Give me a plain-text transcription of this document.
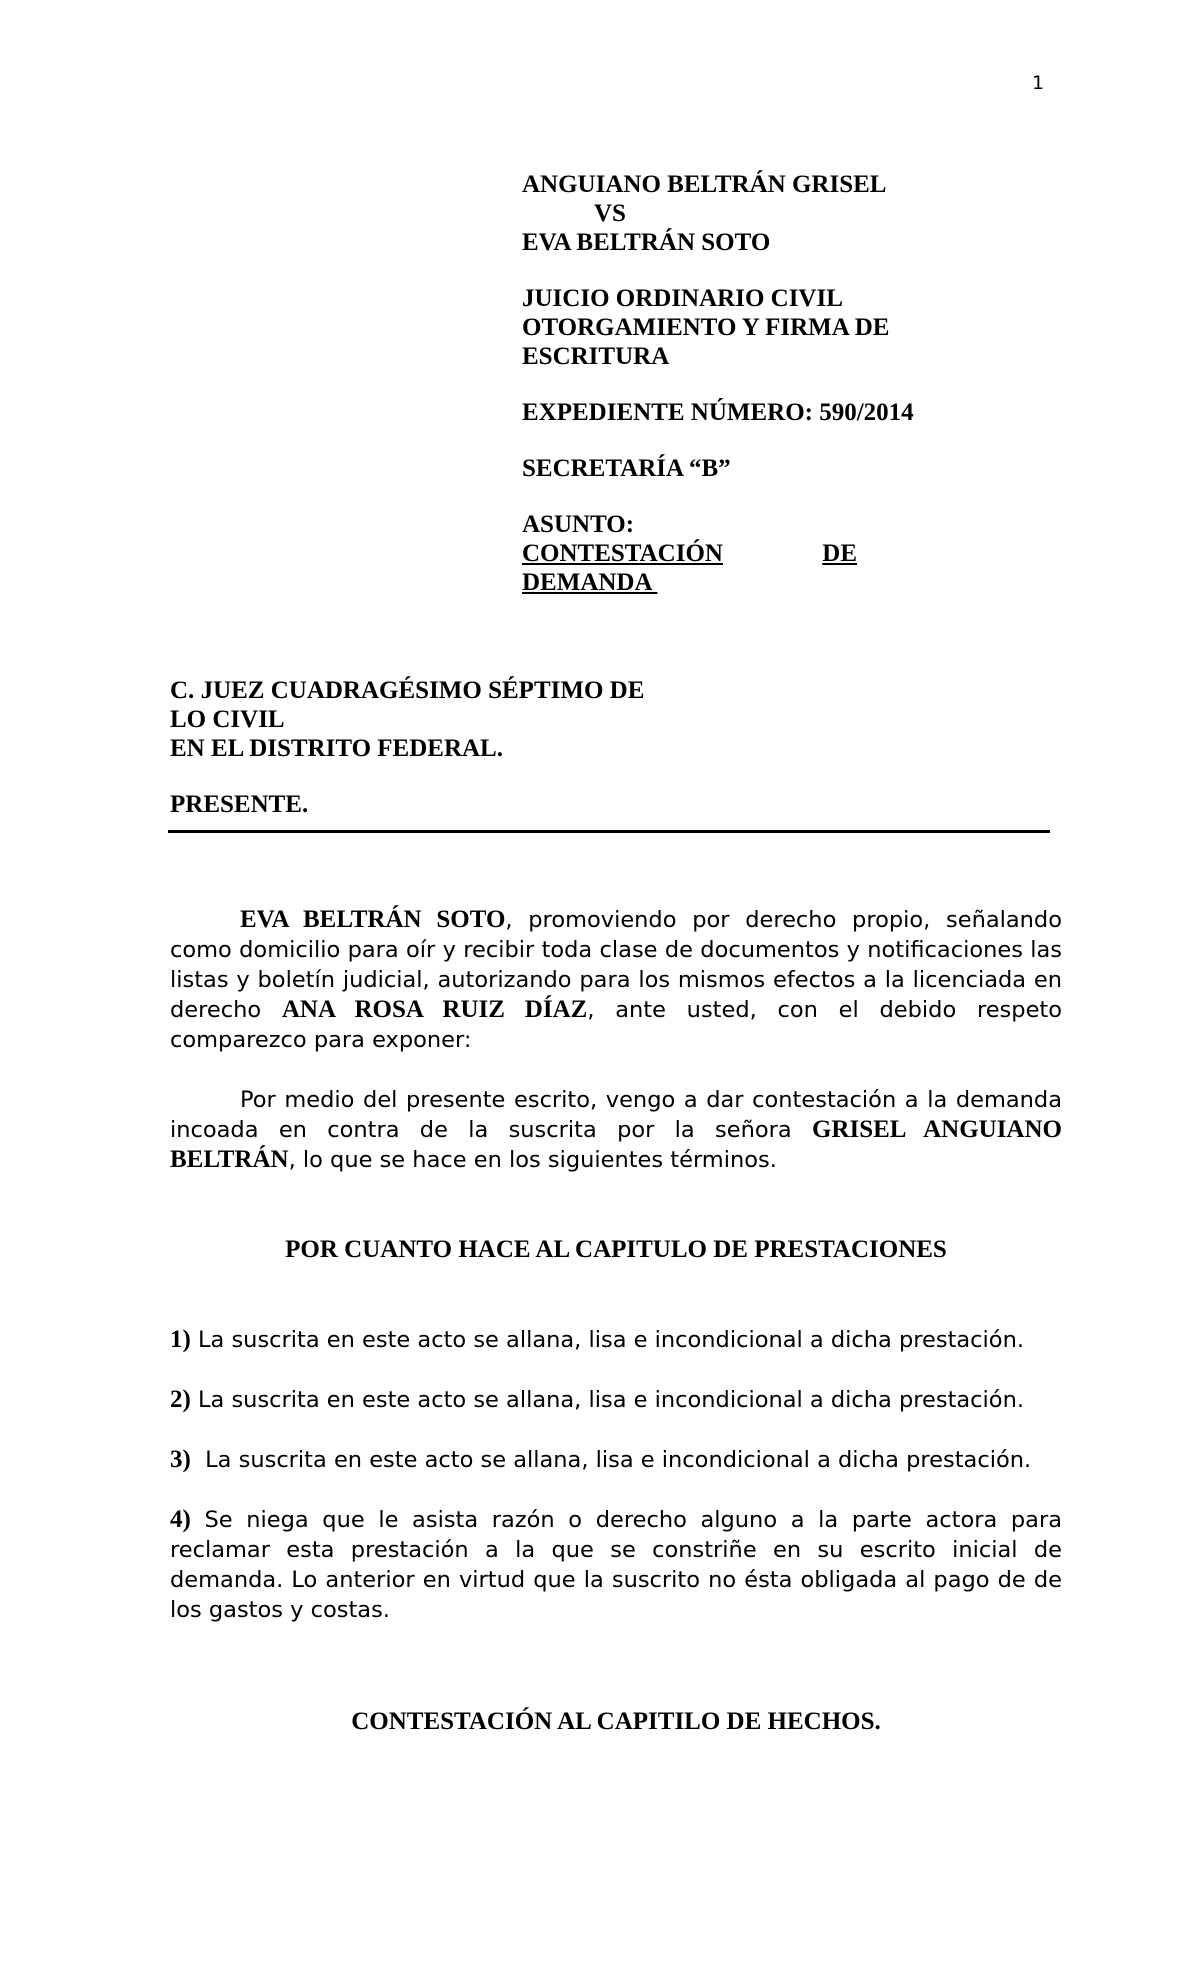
1
ANGUIANO BELTRÁN GRISEL
VS
EVA BELTRÁN SOTO
JUICIO ORDINARIO CIVIL
OTORGAMIENTO Y FIRMA DE
ESCRITURA
EXPEDIENTE NÚMERO: 590/2014
SECRETARÍA “B”
ASUNTO:
CONTESTACIÓN	DE
DEMANDA
C. JUEZ CUADRAGÉSIMO SÉPTIMO DE
LO CIVIL
EN EL DISTRITO FEDERAL.
PRESENTE.

EVA BELTRÁN SOTO, promoviendo por derecho propio, señalando como domicilio para oír y recibir toda clase de documentos y notificaciones las listas y boletín judicial, autorizando para los mismos efectos a la licenciada en derecho ANA ROSA RUIZ DÍAZ, ante usted, con el debido respeto comparezco para exponer:

Por medio del presente escrito, vengo a dar contestación a la demanda incoada en contra de la suscrita por la señora GRISEL ANGUIANO BELTRÁN, lo que se hace en los siguientes términos.

POR CUANTO HACE AL CAPITULO DE PRESTACIONES

1) La suscrita en este acto se allana, lisa e incondicional a dicha prestación.

2) La suscrita en este acto se allana, lisa e incondicional a dicha prestación.

3)  La suscrita en este acto se allana, lisa e incondicional a dicha prestación.

4) Se niega que le asista razón o derecho alguno a la parte actora para reclamar esta prestación a la que se constriñe en su escrito inicial de demanda. Lo anterior en virtud que la suscrito no ésta obligada al pago de de los gastos y costas.

CONTESTACIÓN AL CAPITILO DE HECHOS.
